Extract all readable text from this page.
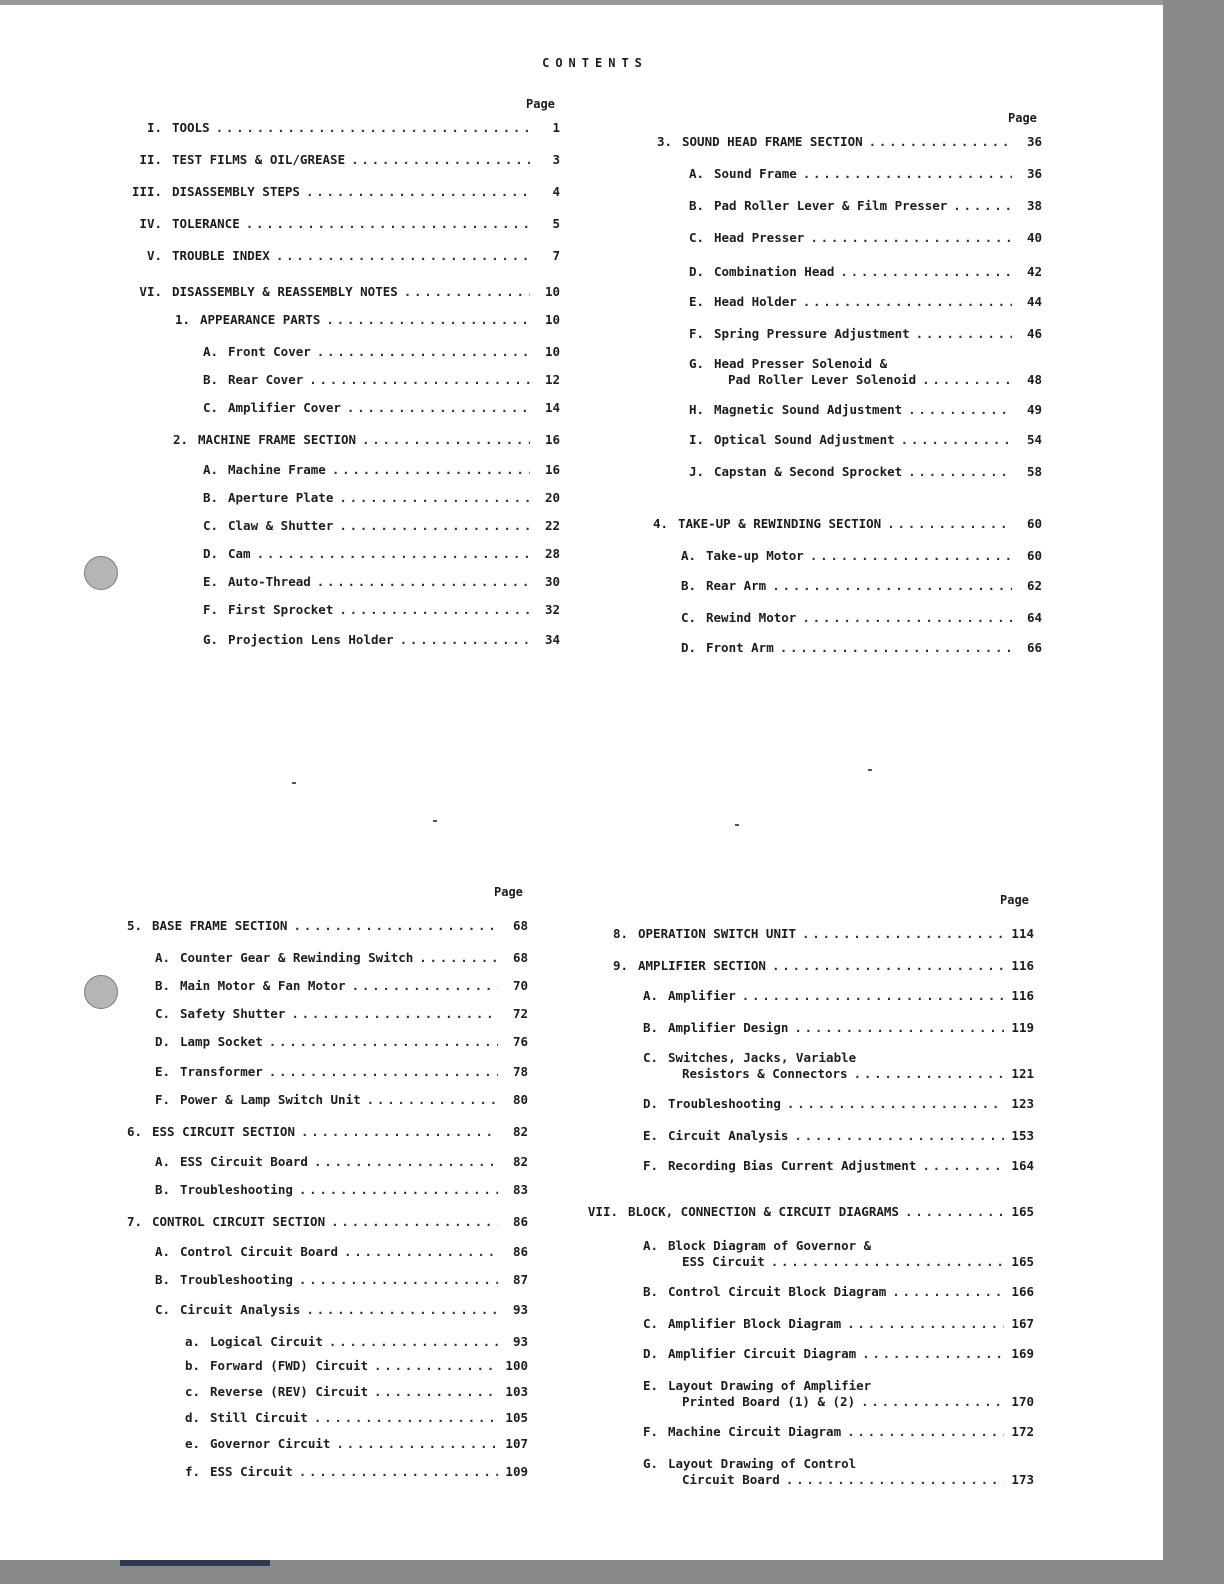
CONTENTS
Page
Page
Page
Page
I. TOOLS . . .	1
II. TEST FILMS & OIL/GREASE . . .	3
III. DISASSEMBLY STEPS . . .	4
IV. TOLERANCE . . .	5
V. TROUBLE INDEX . . .	7
VI. DISASSEMBLY & REASSEMBLY NOTES . . .	10
1. APPEARANCE PARTS . . .	10
A. Front Cover . . .	10
B. Rear Cover . . .	12
C. Amplifier Cover . . .	14
2. MACHINE FRAME SECTION . . .	16
A. Machine Frame . . .	16
B. Aperture Plate . . .	20
C. Claw & Shutter . . .	22
D. Cam . . .	28
E. Auto-Thread . . .	30
F. First Sprocket . . .	32
G. Projection Lens Holder . . .	34
3. SOUND HEAD FRAME SECTION . . .	36
A. Sound Frame . . .	36
B. Pad Roller Lever & Film Presser . . .	38
C. Head Presser . . .	40
D. Combination Head . . .	42
E. Head Holder . . .	44
F. Spring Pressure Adjustment . . .	46
G. Head Presser Solenoid &
Pad Roller Lever Solenoid . . .	48
H. Magnetic Sound Adjustment . . .	49
I. Optical Sound Adjustment . . .	54
J. Capstan & Second Sprocket . . .	58
4. TAKE-UP & REWINDING SECTION . . .	60
A. Take-up Motor . . .	60
B. Rear Arm . . .	62
C. Rewind Motor . . .	64
D. Front Arm . . .	66
5. BASE FRAME SECTION . . .	68
A. Counter Gear & Rewinding Switch . . .	68
B. Main Motor & Fan Motor . . .	70
C. Safety Shutter . . .	72
D. Lamp Socket . . .	76
E. Transformer . . .	78
F. Power & Lamp Switch Unit . . .	80
6. ESS CIRCUIT SECTION . . .	82
A. ESS Circuit Board . . .	82
B. Troubleshooting . . .	83
7. CONTROL CIRCUIT SECTION . . .	86
A. Control Circuit Board . . .	86
B. Troubleshooting . . .	87
C. Circuit Analysis . . .	93
a. Logical Circuit . . .	93
b. Forward (FWD) Circuit . . .	100
c. Reverse (REV) Circuit . . .	103
d. Still Circuit . . .	105
e. Governor Circuit . . .	107
f. ESS Circuit . . .	109
8. OPERATION SWITCH UNIT . . .	114
9. AMPLIFIER SECTION . . .	116
A. Amplifier . . .	116
B. Amplifier Design . . .	119
C. Switches, Jacks, Variable
Resistors & Connectors . . .	121
D. Troubleshooting . . .	123
E. Circuit Analysis . . .	153
F. Recording Bias Current Adjustment . . .	164
VII. BLOCK, CONNECTION & CIRCUIT DIAGRAMS . . .	165
A. Block Diagram of Governor &
ESS Circuit . . .	165
B. Control Circuit Block Diagram . . .	166
C. Amplifier Block Diagram . . .	167
D. Amplifier Circuit Diagram . . .	169
E. Layout Drawing of Amplifier
Printed Board (1) & (2) . . .	170
F. Machine Circuit Diagram . . .	172
G. Layout Drawing of Control
Circuit Board . . .	173
